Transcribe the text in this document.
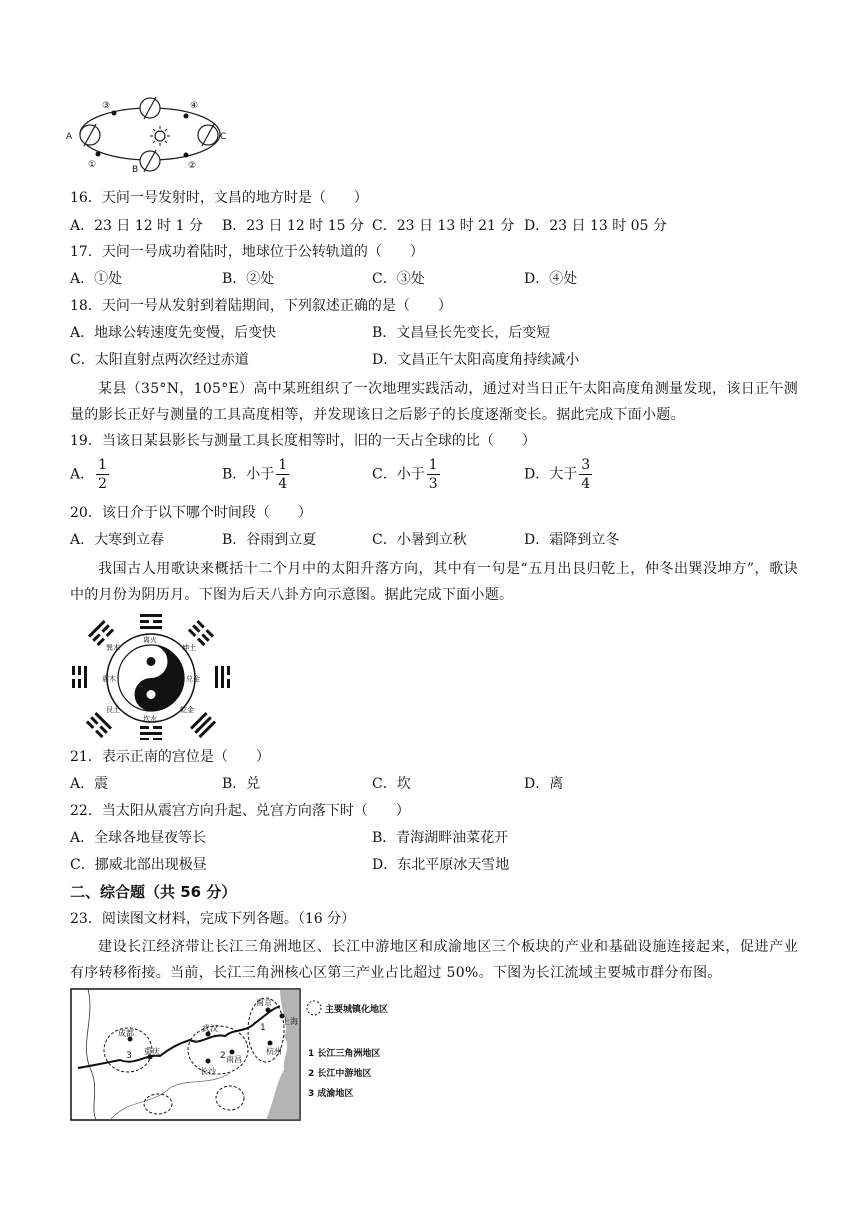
③
A
①	B
④
C
②
16．天问一号发射时，文昌的地方时是（　　）
A．23 日 12 时 1 分 B．23 日 12 时 15 分 C．23 日 13 时 21 分 D．23 日 13 时 05 分
17．天问一号成功着陆时，地球位于公转轨道的（　　）
A．①处	B．②处	C．③处	D．④处
18．天问一号从发射到着陆期间，下列叙述正确的是（　　）
A．地球公转速度先变慢，后变快	B．文昌昼长先变长，后变短
C．太阳直射点两次经过赤道	D．文昌正午太阳高度角持续减小
某县（35°N，105°E）高中某班组织了一次地理实践活动，通过对当日正午太阳高度角测量发现，该日正午测量的影长正好与测量的工具高度相等，并发现该日之后影子的长度逐渐变长。据此完成下面小题。
19．当该日某县影长与测量工具长度相等时，旧的一天占全球的比（　　）
A． $\frac{1}{2}$	B．小于 $\frac{1}{4}$	C．小于 $\frac{1}{3}$	D．大于 $\frac{3}{4}$
20．该日介于以下哪个时间段（　　）
A．大寒到立春	B．谷雨到立夏	C．小暑到立秋	D．霜降到立冬
我国古人用歌诀来概括十二个月中的太阳升落方向，其中有一句是“五月出艮归乾上，仲冬出巽没坤方”，歌诀中的月份为阴历月。下图为后天八卦方向示意图。据此完成下面小题。
离火
坤土
兑金
乾金
坎水
艮土
震木
巽木
21．表示正南的宫位是（　　）
A．震	B．兑	C．坎	D．离
22．当太阳从震宫方向升起、兑宫方向落下时（　　）
A．全球各地昼夜等长	B．青海湖畔油菜花开
C．挪威北部出现极昼	D．东北平原冰天雪地
二、综合题（共 56 分）
23．阅读图文材料，完成下列各题。（16 分）
建设长江经济带让长江三角洲地区、长江中游地区和成渝地区三个板块的产业和基础设施连接起来，促进产业有序转移衔接。当前，长江三角洲核心区第三产业占比超过 50%。下图为长江流域主要城市群分布图。
成都
重庆
武汉
长沙
南昌
南京
杭州
上海
1
2
3
主要城镇化地区
1 长江三角洲地区
2 长江中游地区
3 成渝地区
